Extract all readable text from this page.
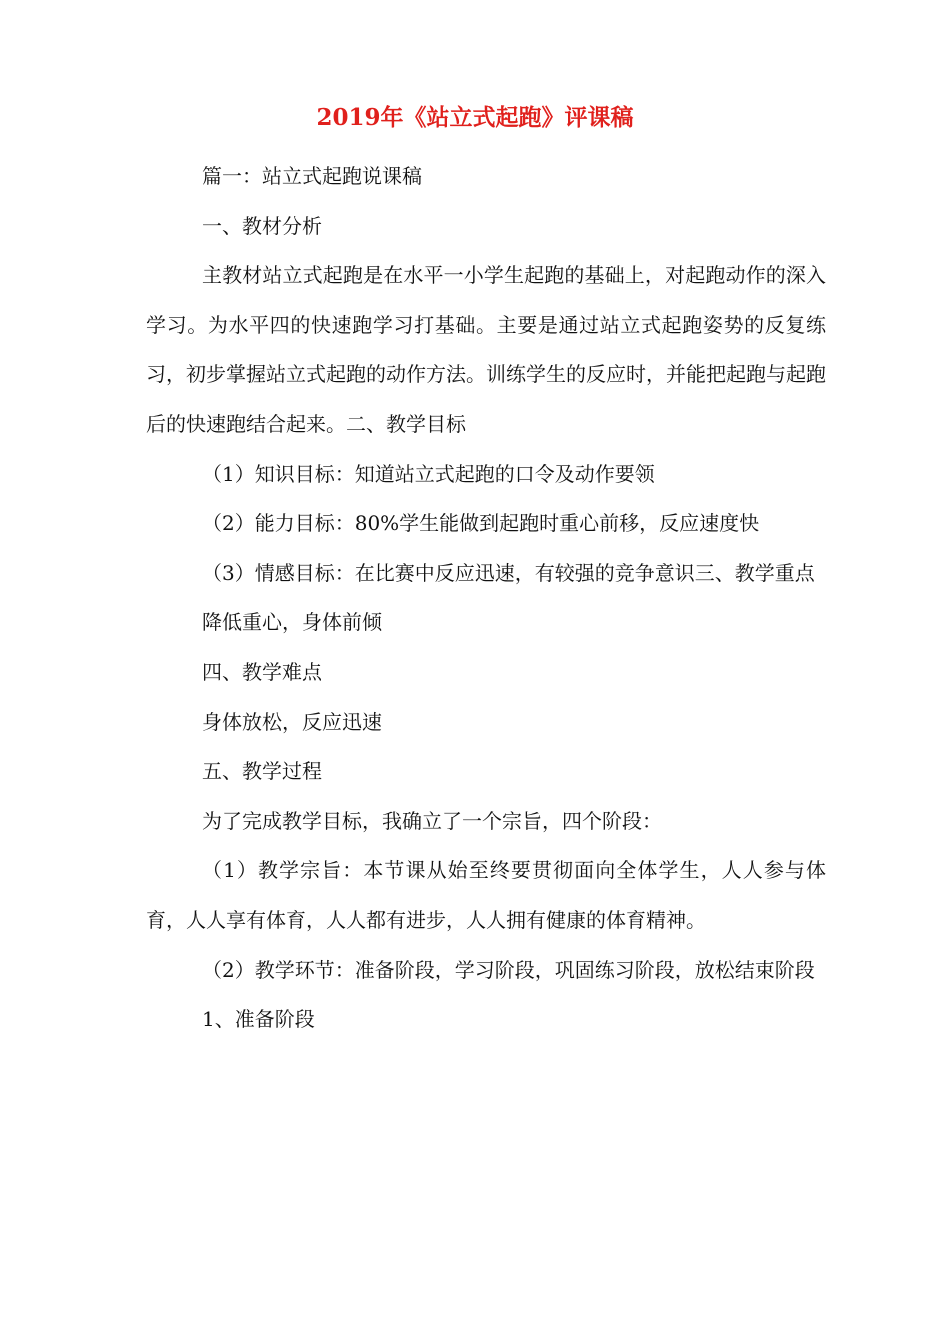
2019年《站立式起跑》评课稿

篇一：站立式起跑说课稿

一、教材分析

主教材站立式起跑是在水平一小学生起跑的基础上，对起跑动作的深入学习。为水平四的快速跑学习打基础。主要是通过站立式起跑姿势的反复练习，初步掌握站立式起跑的动作方法。训练学生的反应时，并能把起跑与起跑后的快速跑结合起来。二、教学目标

（1）知识目标：知道站立式起跑的口令及动作要领

（2）能力目标：80%学生能做到起跑时重心前移，反应速度快

（3）情感目标：在比赛中反应迅速，有较强的竞争意识三、教学重点

降低重心，身体前倾

四、教学难点

身体放松，反应迅速

五、教学过程

为了完成教学目标，我确立了一个宗旨，四个阶段：

（1）教学宗旨：本节课从始至终要贯彻面向全体学生，人人参与体育，人人享有体育，人人都有进步，人人拥有健康的体育精神。

（2）教学环节：准备阶段，学习阶段，巩固练习阶段，放松结束阶段

1、准备阶段
